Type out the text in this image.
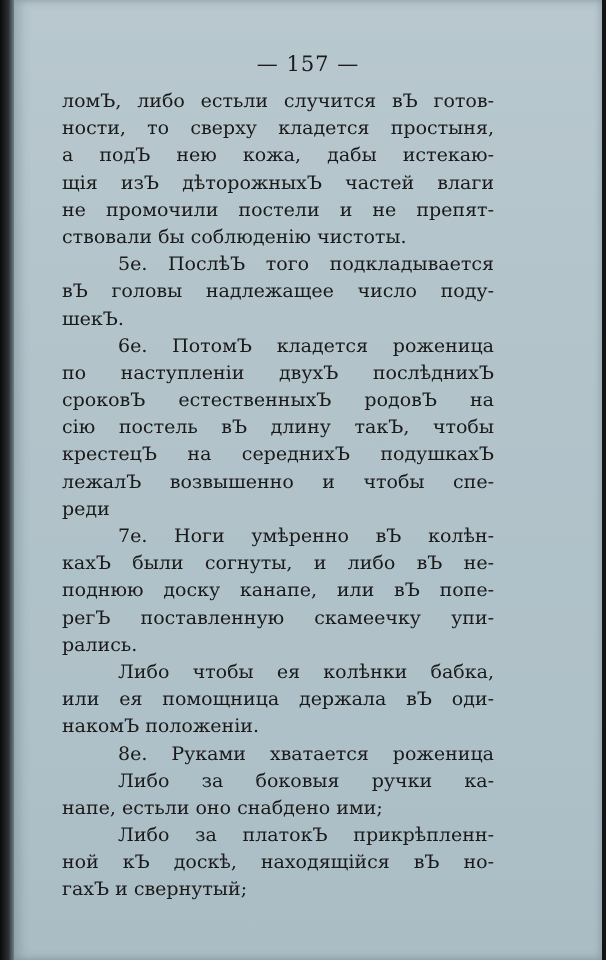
— 157 —
ломЪ, либо естьли случится вЪ готов-
ности, то сверху кладется простыня,
а подЪ нею кожа, дабы истекаю-
щія изЪ дѣторожныхЪ частей влаги
не промочили постели и не препят-
ствовали бы соблюденію чистоты.
5е. ПослѣЪ того подкладывается
вЪ головы надлежащее число поду-
шекЪ.
6е. ПотомЪ кладется роженица
по наступленіи двухЪ послѣднихЪ
сроковЪ естественныхЪ родовЪ на
сію постель вЪ длину такЪ, чтобы
крестецЪ на середнихЪ подушкахЪ
лежалЪ возвышенно и чтобы спе-
реди
7е. Ноги умѣренно вЪ колѣн-
кахЪ были согнуты, и либо вЪ не-
поднюю доску канапе, или вЪ попе-
регЪ поставленную скамеечку упи-
рались.
Либо чтобы ея колѣнки бабка,
или ея помощница держала вЪ оди-
накомЪ положеніи.
8е. Руками хватается роженица
Либо за боковыя ручки ка-
напе, естьли оно снабдено ими;
Либо за платокЪ прикрѣпленн-
ной кЪ доскѣ, находящійся вЪ но-
гахЪ и свернутый;
